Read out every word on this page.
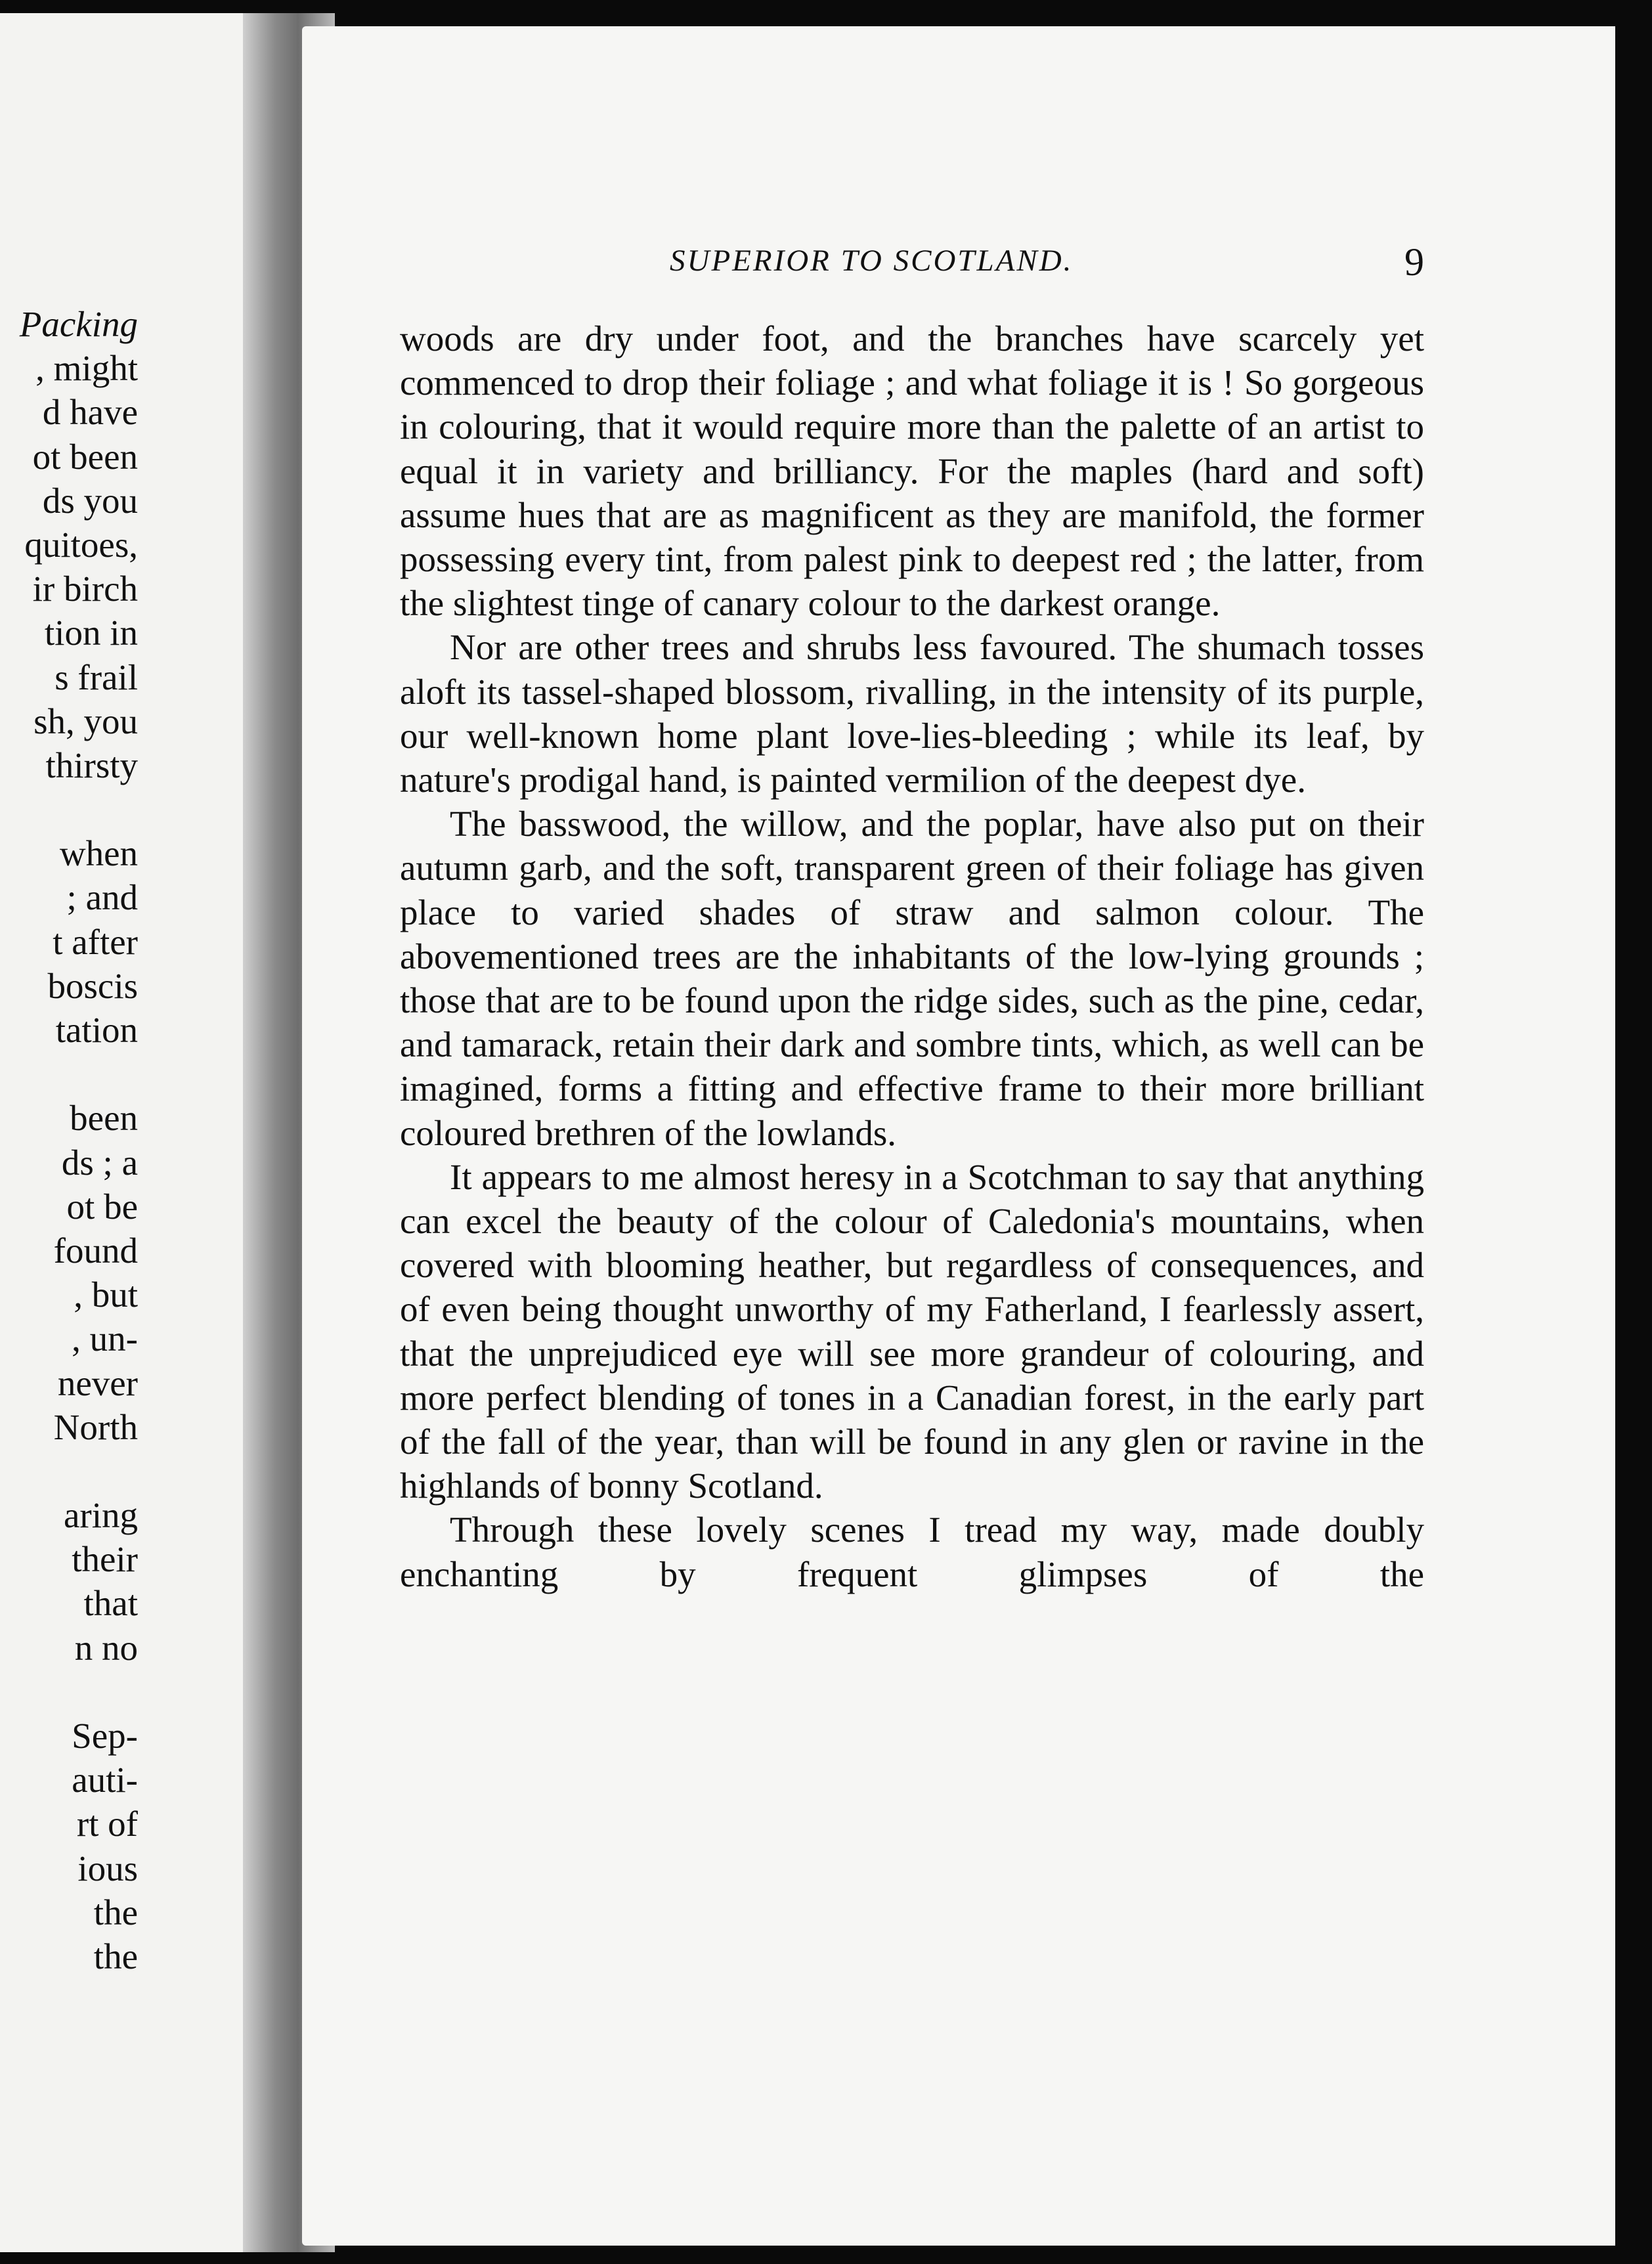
Packing
, might
d have
ot been
ds you
quitoes,
ir birch
tion in
s frail
sh, you
thirsty
when
; and
t after
boscis
tation
been
ds ; a
ot be
found
, but
, un-
never
North
aring
their
that
n no
Sep-
auti-
rt of
ious
the
the
SUPERIOR TO SCOTLAND.	9

woods are dry under foot, and the branches have scarcely yet commenced to drop their foliage ; and what foliage it is ! So gorgeous in colouring, that it would require more than the palette of an artist to equal it in variety and brilliancy. For the maples (hard and soft) assume hues that are as magnificent as they are manifold, the former possessing every tint, from palest pink to deepest red ; the latter, from the slightest tinge of canary colour to the darkest orange.

Nor are other trees and shrubs less favoured. The shumach tosses aloft its tassel-shaped blossom, rivalling, in the intensity of its purple, our well-known home plant love-lies-bleeding ; while its leaf, by nature's prodigal hand, is painted vermilion of the deepest dye.

The basswood, the willow, and the poplar, have also put on their autumn garb, and the soft, transparent green of their foliage has given place to varied shades of straw and salmon colour. The abovementioned trees are the inhabitants of the low-lying grounds ; those that are to be found upon the ridge sides, such as the pine, cedar, and tamarack, retain their dark and sombre tints, which, as well can be imagined, forms a fitting and effective frame to their more brilliant coloured brethren of the lowlands.

It appears to me almost heresy in a Scotchman to say that anything can excel the beauty of the colour of Caledonia's mountains, when covered with blooming heather, but regardless of consequences, and of even being thought unworthy of my Fatherland, I fearlessly assert, that the unprejudiced eye will see more grandeur of colouring, and more perfect blending of tones in a Canadian forest, in the early part of the fall of the year, than will be found in any glen or ravine in the highlands of bonny Scotland.

Through these lovely scenes I tread my way, made doubly enchanting by frequent glimpses of the
